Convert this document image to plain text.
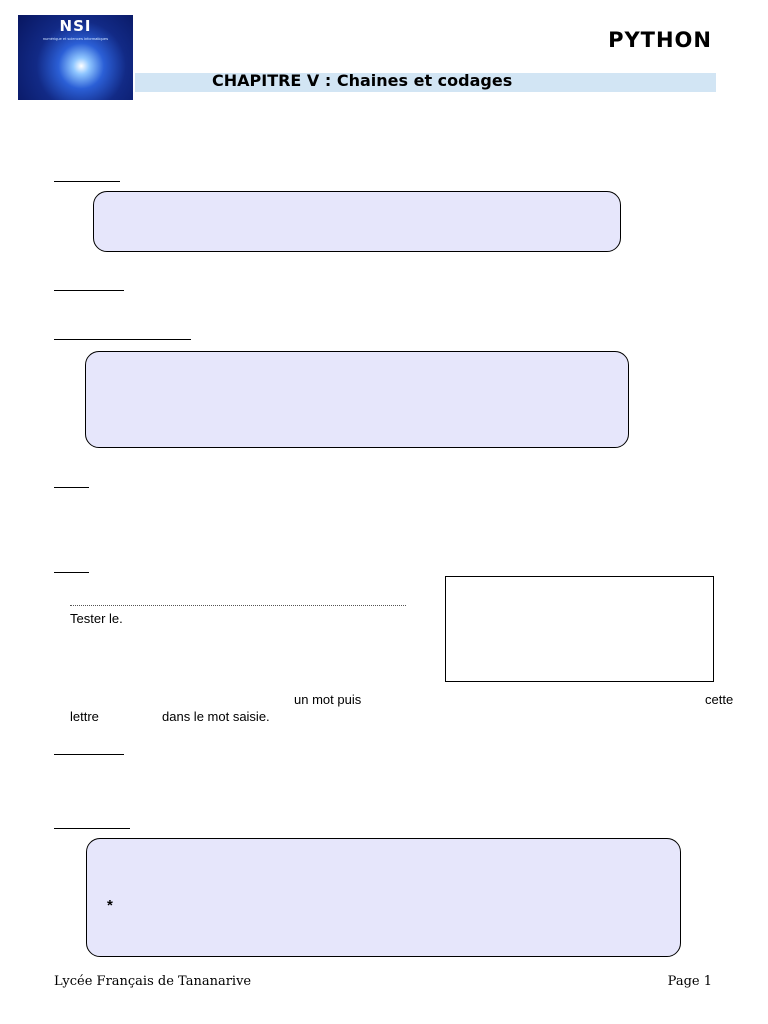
NSI
numérique et sciences informatiques	PYTHON
CHAPITRE V : Chaines et codages
Tester le.
un mot puis	cette
lettre	dans le mot saisie.
*
Lycée Français de Tananarive	Page 1
